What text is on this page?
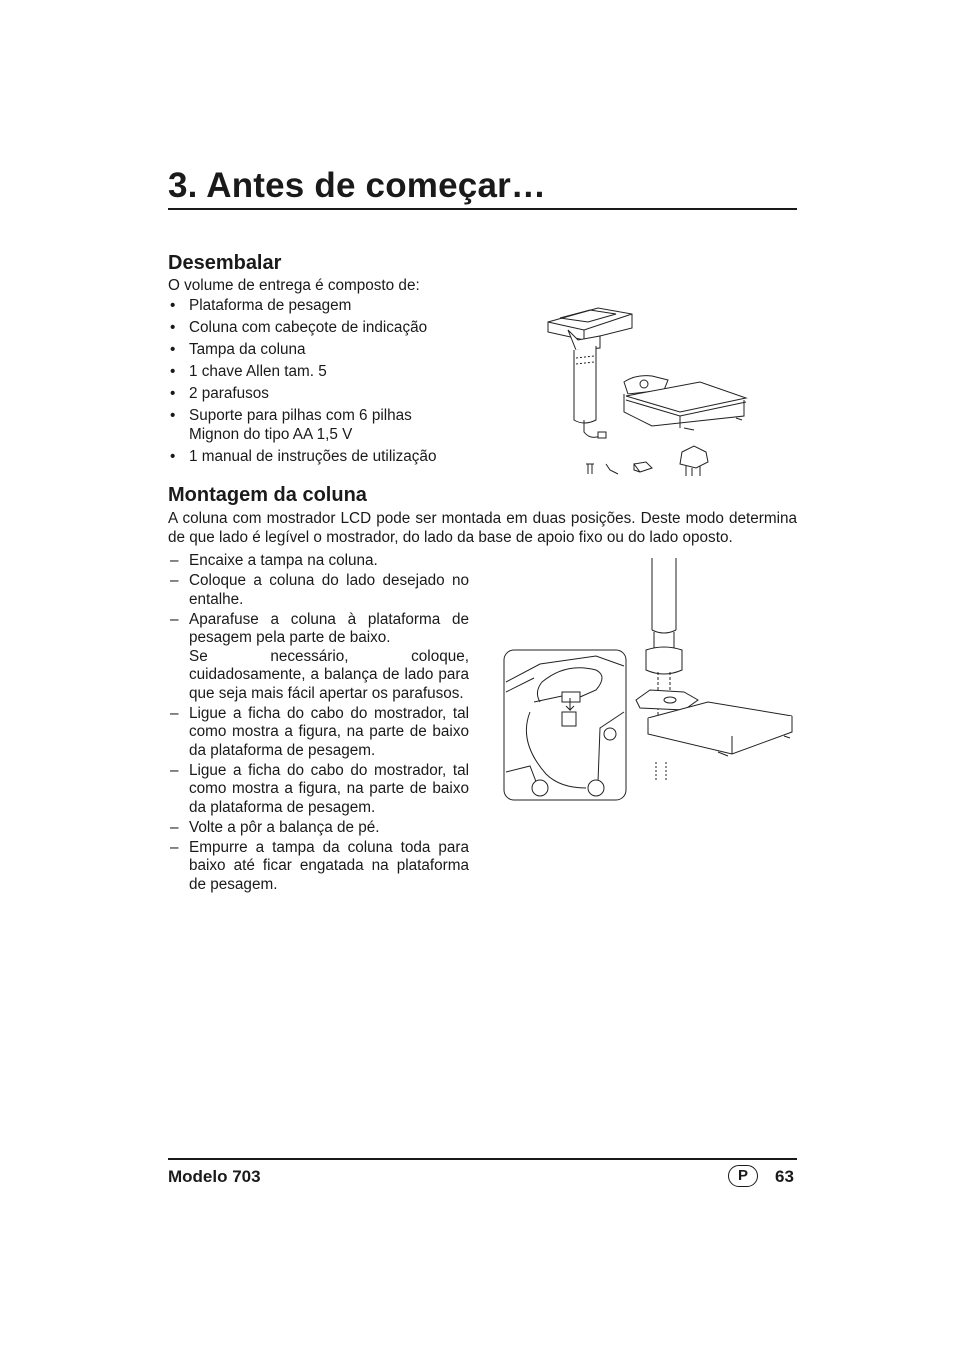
3. Antes de começar…
Desembalar
O volume de entrega é composto de:
• Plataforma de pesagem
• Coluna com cabeçote de indicação
• Tampa da coluna
• 1 chave Allen tam. 5
• 2 parafusos
• Suporte para pilhas com 6 pilhas
Mignon do tipo AA 1,5 V
• 1 manual de instruções de utilização
Montagem da coluna
A coluna com mostrador LCD pode ser montada em duas posições. Deste modo determina de que lado é legível o mostrador, do lado da base de apoio fixo ou do lado oposto.
– Encaixe a tampa na coluna.
– Coloque a coluna do lado desejado no entalhe.
– Aparafuse a coluna à plataforma de pesagem pela parte de baixo.
Se necessário, coloque, cuidadosamente, a balança de lado para que seja mais fácil apertar os parafusos.
– Ligue a ficha do cabo do mostrador, tal como mostra a figura, na parte de baixo da plataforma de pesagem.
– Ligue a ficha do cabo do mostrador, tal como mostra a figura, na parte de baixo da plataforma de pesagem.
– Volte a pôr a balança de pé.
– Empurre a tampa da coluna toda para baixo até ficar engatada na plataforma de pesagem.
Modelo 703	P	63
